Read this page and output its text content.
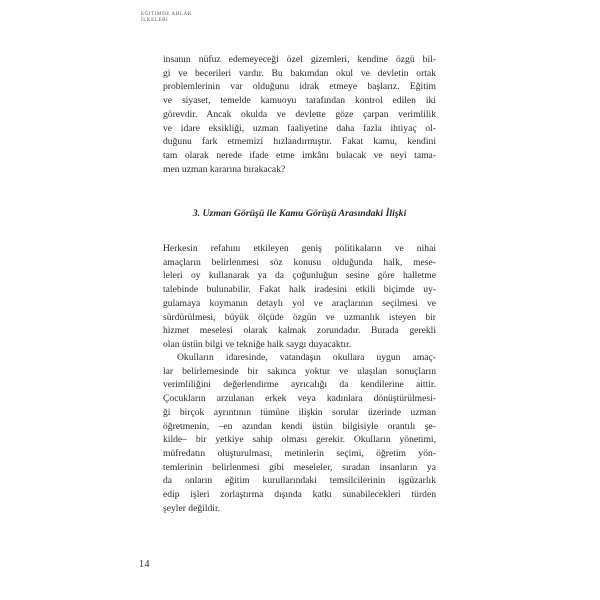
EĞITIMDE AHLAK
İLKELERI

insanın nüfuz edemeyeceği özel gizemleri, kendine özgü bil-
gi ve becerileri vardır. Bu bakımdan okul ve devletin ortak
problemlerinin var olduğunu idrak etmeye başlarız. Eğitim
ve siyaset, temelde kamuoyu tarafından kontrol edilen iki
görevdir. Ancak okulda ve devlette göze çarpan verimlilik
ve idare eksikliği, uzman faaliyetine daha fazla ihtiyaç ol-
duğunu fark etmemizi hızlandırmıştır. Fakat kamu, kendini
tam olarak nerede ifade etme imkânı bulacak ve neyi tama-
men uzman kararına bırakacak?

3. Uzman Görüşü ile Kamu Görüşü Arasındaki İlişki

Herkesin refahını etkileyen geniş politikaların ve nihai
amaçların belirlenmesi söz konusu olduğunda halk, mese-
leleri oy kullanarak ya da çoğunluğun sesine göre halletme
talebinde bulunabilir. Fakat halk iradesini etkili biçimde uy-
gulamaya koymanın detaylı yol ve araçlarının seçilmesi ve
sürdürülmesi, büyük ölçüde özgün ve uzmanlık isteyen bir
hizmet meselesi olarak kalmak zorundadır. Burada gerekli
olan üstün bilgi ve tekniğe halk saygı duyacaktır.

Okulların idaresinde, vatandaşın okullara uygun amaç-
lar belirlemesinde bir sakınca yoktur ve ulaşılan sonuçların
verimliliğini değerlendirme ayrıcalığı da kendilerine aittir.
Çocukların arzulanan erkek veya kadınlara dönüştürülmesi-
ği birçok ayrıntının tümüne ilişkin sorular üzerinde uzman
öğretmenin, –en azından kendi üstün bilgisiyle orantılı şe-
kilde– bir yetkiye sahip olması gerekir. Okulların yönetimi,
müfredatın oluşturulması, metinlerin seçimi, öğretim yön-
temlerinin belirlenmesi gibi meseleler, sıradan insanların ya
da onların eğitim kurullarındaki temsilcilerinin işgüzarlık
edip işleri zorlaştırma dışında katkı sunabilecekleri türden
şeyler değildir.

14
